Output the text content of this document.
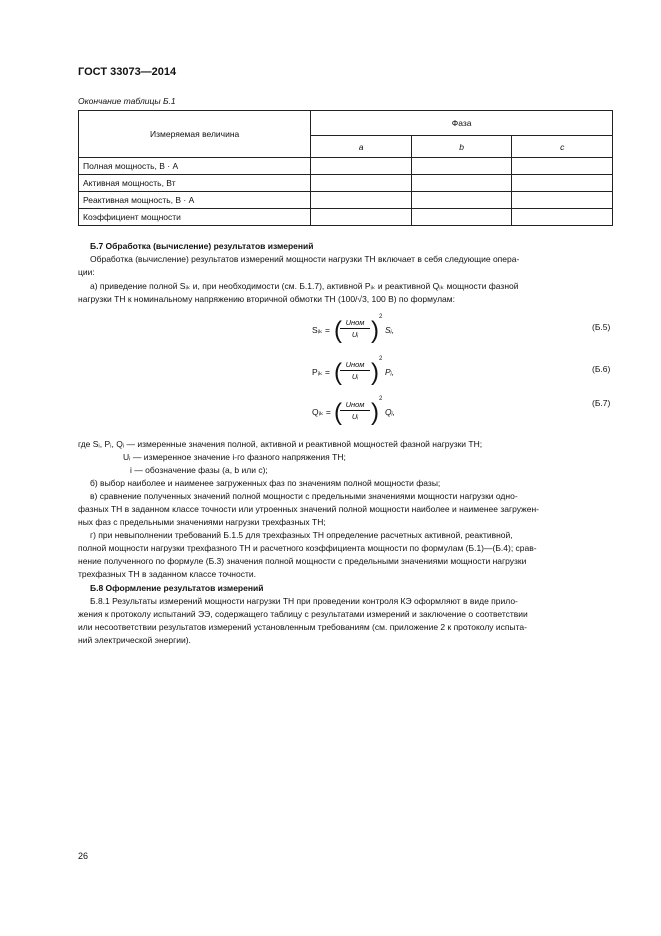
ГОСТ 33073—2014
Окончание таблицы Б.1
Измеряемая величина	Фаза		
	a	b	c
Полная мощность, В · А			
Активная мощность, Вт			
Реактивная мощность, В · А			
Коэффициент мощности			
Б.7 Обработка (вычисление) результатов измерений
Обработка (вычисление) результатов измерений мощности нагрузки ТН включает в себя следующие опера-
ции:
а) приведение полной Sᵢₖ и, при необходимости (см. Б.1.7), активной Pᵢₖ и реактивной Qᵢₖ мощности фазной
нагрузки ТН к номинальному напряжению вторичной обмотки ТН (100/√3, 100 В) по формулам:
Sᵢₖ = ( Uном
Uᵢ ) 2
Sᵢ,	(Б.5)
Pᵢₖ = ( Uном
Uᵢ ) 2
Pᵢ,	(Б.6)
Qᵢₖ = ( Uном
Uᵢ ) 2
Qᵢ,
(Б.7)
где Sᵢ, Pᵢ, Qᵢ — измеренные значения полной, активной и реактивной мощностей фазной нагрузки ТН;
Uᵢ — измеренное значение i-го фазного напряжения ТН;
i — обозначение фазы (a, b или c);
б) выбор наиболее и наименее загруженных фаз по значениям полной мощности фазы;
в) сравнение полученных значений полной мощности с предельными значениями мощности нагрузки одно-
фазных ТН в заданном классе точности или утроенных значений полной мощности наиболее и наименее загружен-
ных фаз с предельными значениями нагрузки трехфазных ТН;
г) при невыполнении требований Б.1.5 для трехфазных ТН определение расчетных активной, реактивной,
полной мощности нагрузки трехфазного ТН и расчетного коэффициента мощности по формулам (Б.1)—(Б.4); срав-
нение полученного по формуле (Б.3) значения полной мощности с предельными значениями мощности нагрузки
трехфазных ТН в заданном классе точности.
Б.8 Оформление результатов измерений
Б.8.1 Результаты измерений мощности нагрузки ТН при проведении контроля КЭ оформляют в виде прило-
жения к протоколу испытаний ЭЭ, содержащего таблицу с результатами измерений и заключение о соответствии
или несоответствии результатов измерений установленным требованиям (см. приложение 2 к протоколу испыта-
ний электрической энергии).
26
